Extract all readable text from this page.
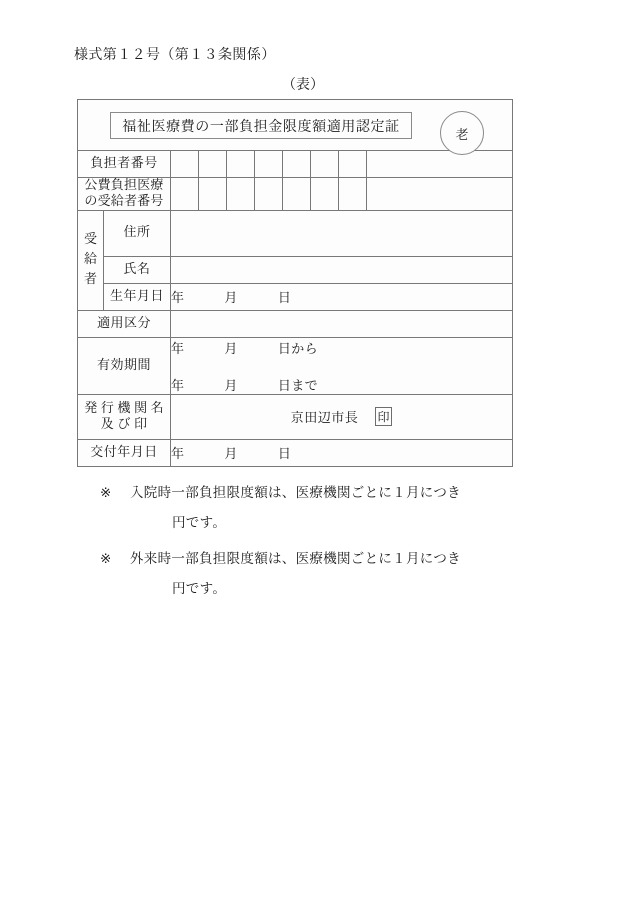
様式第１２号（第１３条関係）
（表）
福祉医療費の一部負担金限度額適用認定証
老									

負担者番号									

公費負担医療
の受給者番号									

受
給
者	住所								
	氏名								
	生年月日	年 月 日							

適用区分									
有効期間		年 月 日から
年 月 日まで							

発行機関名
及び印	京田辺市長 印

交付年月日		年 月 日							
※ 入院時一部負担限度額は、医療機関ごとに１月につき
円です。
※ 外来時一部負担限度額は、医療機関ごとに１月につき
円です。
